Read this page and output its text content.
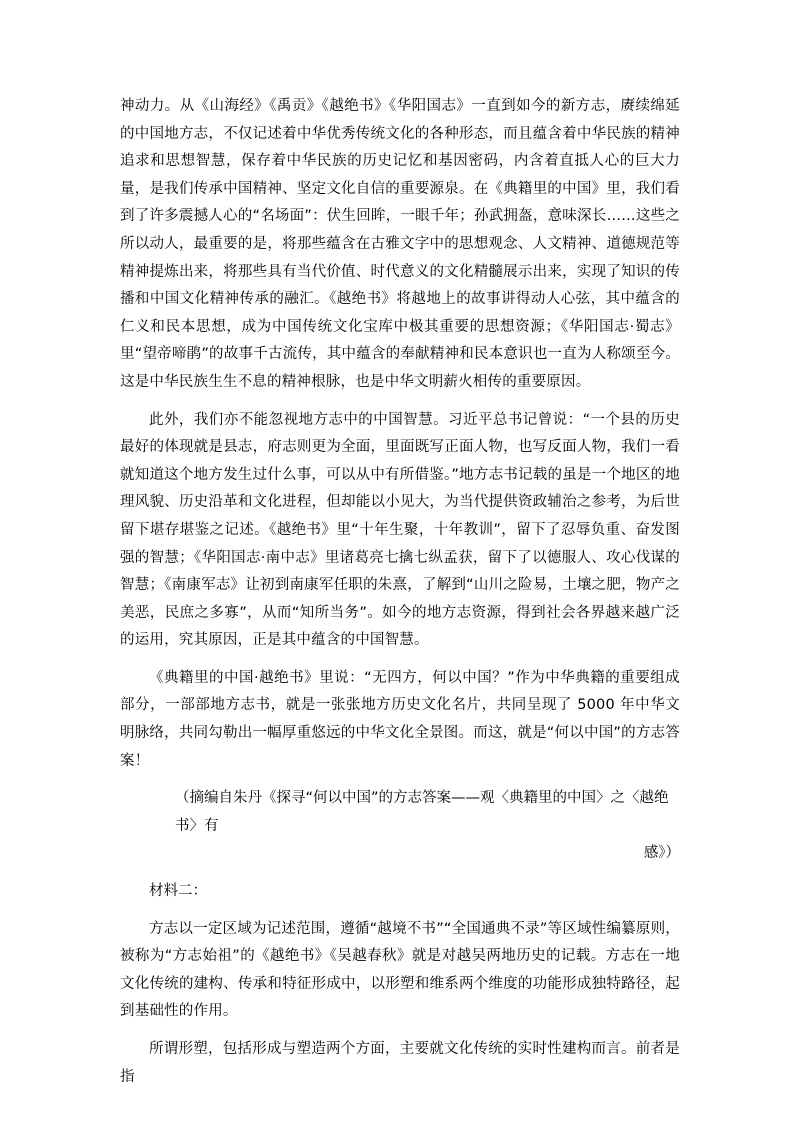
神动力。从《山海经》《禹贡》《越绝书》《华阳国志》一直到如今的新方志，赓续绵延的中国地方志，不仅记述着中华优秀传统文化的各种形态，而且蕴含着中华民族的精神追求和思想智慧，保存着中华民族的历史记忆和基因密码，内含着直抵人心的巨大力量，是我们传承中国精神、坚定文化自信的重要源泉。在《典籍里的中国》里，我们看到了许多震撼人心的“名场面”：伏生回眸，一眼千年；孙武拥盔，意味深长……这些之所以动人，最重要的是，将那些蕴含在古雅文字中的思想观念、人文精神、道德规范等精神提炼出来，将那些具有当代价值、时代意义的文化精髓展示出来，实现了知识的传播和中国文化精神传承的融汇。《越绝书》将越地上的故事讲得动人心弦，其中蕴含的仁义和民本思想，成为中国传统文化宝库中极其重要的思想资源；《华阳国志·蜀志》里“望帝啼鹃”的故事千古流传，其中蕴含的奉献精神和民本意识也一直为人称颂至今。这是中华民族生生不息的精神根脉，也是中华文明薪火相传的重要原因。

此外，我们亦不能忽视地方志中的中国智慧。习近平总书记曾说：“一个县的历史最好的体现就是县志，府志则更为全面，里面既写正面人物，也写反面人物，我们一看就知道这个地方发生过什么事，可以从中有所借鉴。”地方志书记载的虽是一个地区的地理风貌、历史沿革和文化进程，但却能以小见大，为当代提供资政辅治之参考，为后世留下堪存堪鉴之记述。《越绝书》里“十年生聚，十年教训”，留下了忍辱负重、奋发图强的智慧；《华阳国志·南中志》里诸葛亮七擒七纵孟获，留下了以德服人、攻心伐谋的智慧；《南康军志》让初到南康军任职的朱熹，了解到“山川之险易，土壤之肥，物产之美恶，民庶之多寡”，从而“知所当务”。如今的地方志资源，得到社会各界越来越广泛的运用，究其原因，正是其中蕴含的中国智慧。

《典籍里的中国·越绝书》里说：“无四方，何以中国？”作为中华典籍的重要组成部分，一部部地方志书，就是一张张地方历史文化名片，共同呈现了 5000 年中华文明脉络，共同勾勒出一幅厚重悠远的中华文化全景图。而这，就是“何以中国”的方志答案！

（摘编自朱丹《探寻“何以中国”的方志答案——观〈典籍里的中国〉之〈越绝书〉有
感》）

材料二：

方志以一定区域为记述范围，遵循“越境不书”“全国通典不录”等区域性编纂原则，被称为“方志始祖”的《越绝书》《吴越春秋》就是对越吴两地历史的记载。方志在一地文化传统的建构、传承和特征形成中，以形塑和维系两个维度的功能形成独特路径，起到基础性的作用。

所谓形塑，包括形成与塑造两个方面，主要就文化传统的实时性建构而言。前者是指
